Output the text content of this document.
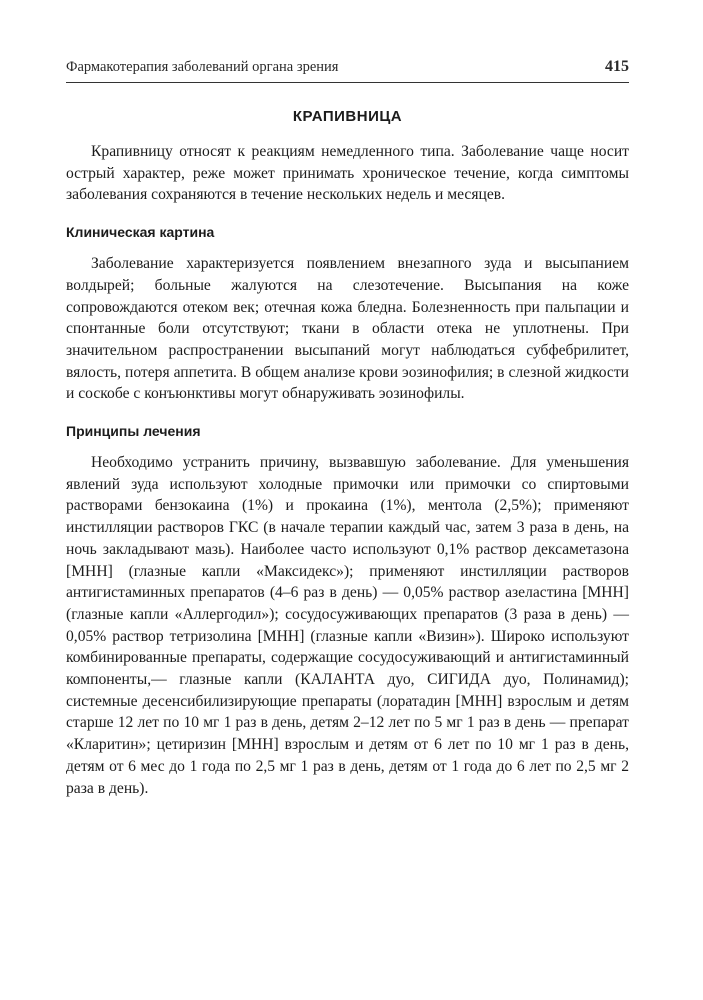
Фармакотерапия заболеваний органа зрения	415
КРАПИВНИЦА

Крапивницу относят к реакциям немедленного типа. Заболевание чаще носит острый характер, реже может принимать хроническое течение, когда симптомы заболевания сохраняются в течение нескольких недель и месяцев.

Клиническая картина

Заболевание характеризуется появлением внезапного зуда и высыпанием волдырей; больные жалуются на слезотечение. Высыпания на коже сопровождаются отеком век; отечная кожа бледна. Болезненность при пальпации и спонтанные боли отсутствуют; ткани в области отека не уплотнены. При значительном распространении высыпаний могут наблюдаться субфебрилитет, вялость, потеря аппетита. В общем анализе крови эозинофилия; в слезной жидкости и соскобе с конъюнктивы могут обнаруживать эозинофилы.

Принципы лечения

Необходимо устранить причину, вызвавшую заболевание. Для уменьшения явлений зуда используют холодные примочки или примочки со спиртовыми растворами бензокаина (1%) и прокаина (1%), ментола (2,5%); применяют инстилляции растворов ГКС (в начале терапии каждый час, затем 3 раза в день, на ночь закладывают мазь). Наиболее часто используют 0,1% раствор дексаметазона [МНН] (глазные капли «Максидекс»); применяют инстилляции растворов антигистаминных препаратов (4–6 раз в день) — 0,05% раствор азеластина [МНН] (глазные капли «Аллергодил»); сосудосуживающих препаратов (3 раза в день) — 0,05% раствор тетризолина [МНН] (глазные капли «Визин»). Широко используют комбинированные препараты, содержащие сосудосуживающий и антигистаминный компоненты,— глазные капли (КАЛАНТА дуо, СИГИДА дуо, Полинамид); системные десенсибилизирующие препараты (лоратадин [МНН] взрослым и детям старше 12 лет по 10 мг 1 раз в день, детям 2–12 лет по 5 мг 1 раз в день — препарат «Кларитин»; цетиризин [МНН] взрослым и детям от 6 лет по 10 мг 1 раз в день, детям от 6 мес до 1 года по 2,5 мг 1 раз в день, детям от 1 года до 6 лет по 2,5 мг 2 раза в день).
